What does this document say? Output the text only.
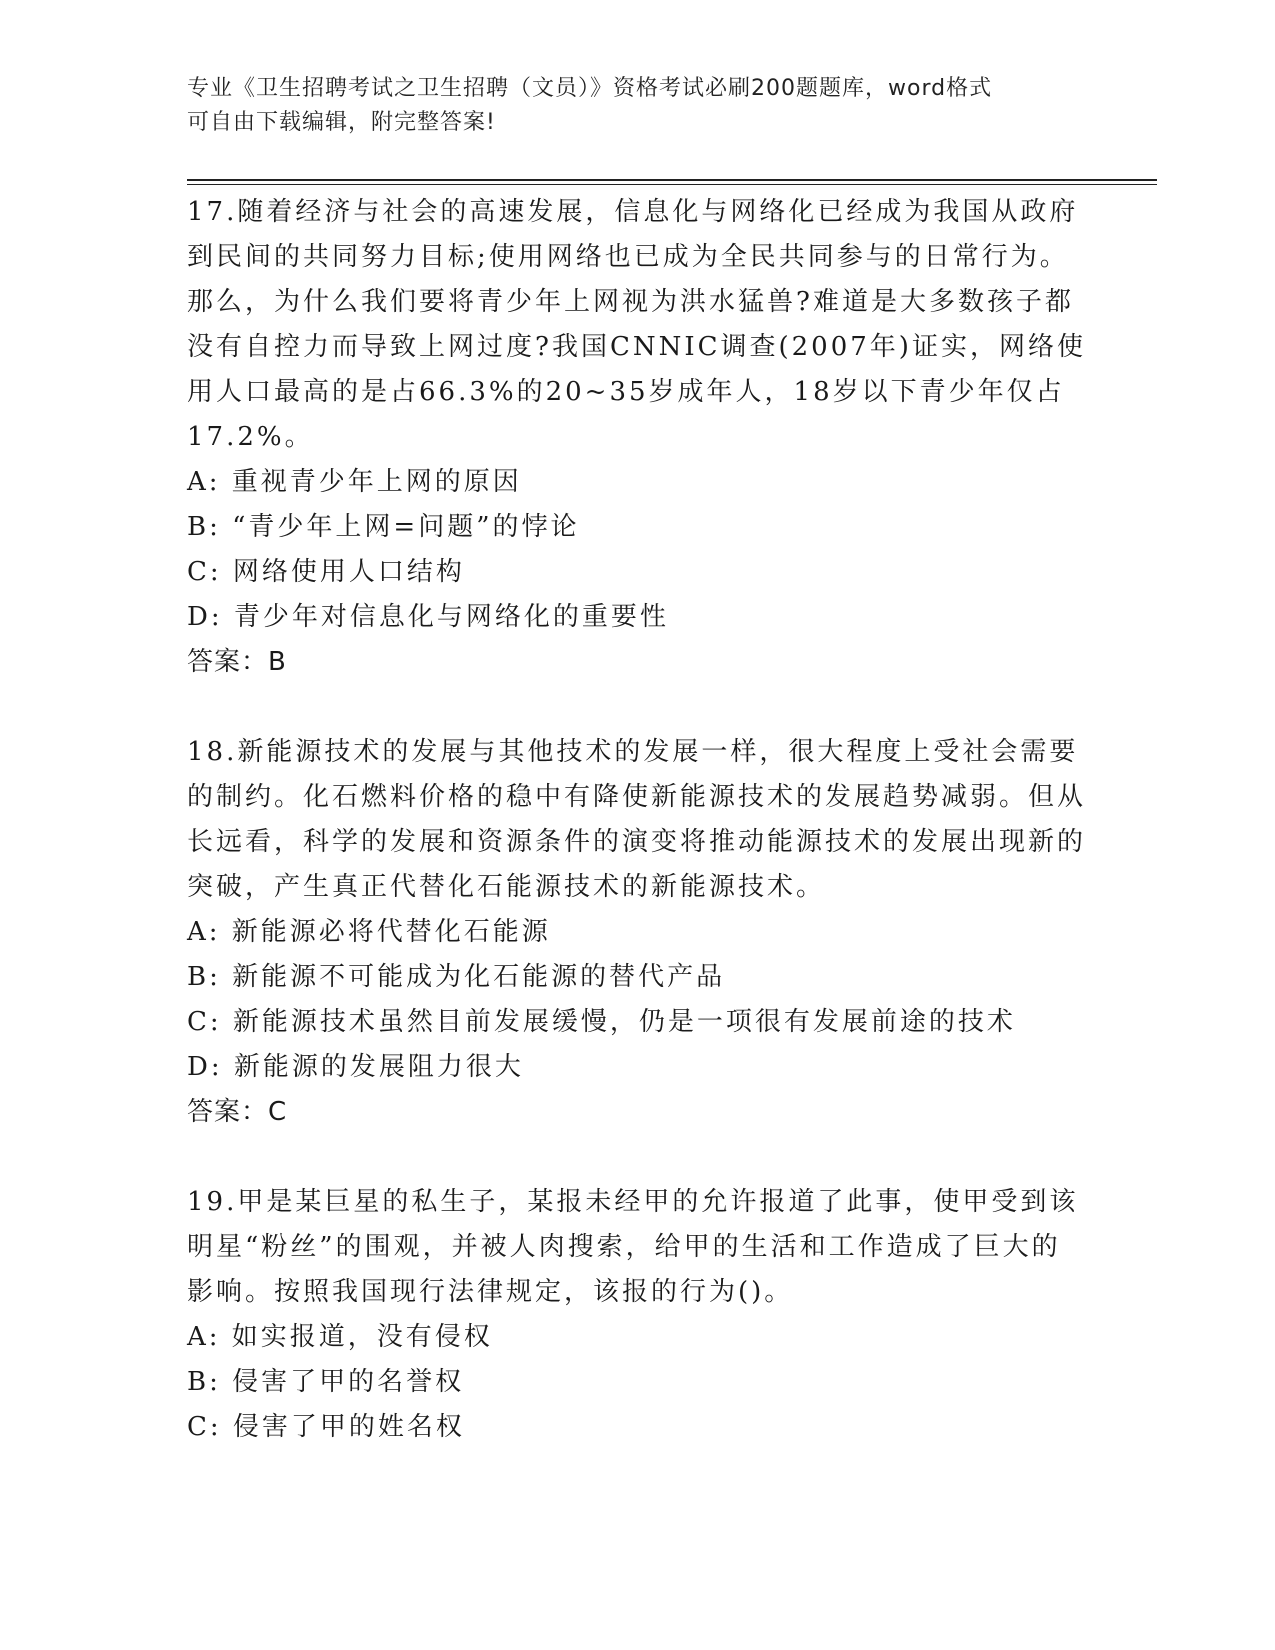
专业《卫生招聘考试之卫生招聘（文员）》资格考试必刷200题题库，word格式
可自由下载编辑，附完整答案!

17.随着经济与社会的高速发展，信息化与网络化已经成为我国从政府到民间的共同努力目标;使用网络也已成为全民共同参与的日常行为。那么，为什么我们要将青少年上网视为洪水猛兽?难道是大多数孩子都没有自控力而导致上网过度?我国CNNIC调查(2007年)证实，网络使用人口最高的是占66.3%的20~35岁成年人，18岁以下青少年仅占17.2%。

A: 重视青少年上网的原因

B: “青少年上网=问题”的悖论

C: 网络使用人口结构

D: 青少年对信息化与网络化的重要性

答案：B

18.新能源技术的发展与其他技术的发展一样，很大程度上受社会需要的制约。化石燃料价格的稳中有降使新能源技术的发展趋势减弱。但从长远看，科学的发展和资源条件的演变将推动能源技术的发展出现新的突破，产生真正代替化石能源技术的新能源技术。

A: 新能源必将代替化石能源

B: 新能源不可能成为化石能源的替代产品

C: 新能源技术虽然目前发展缓慢，仍是一项很有发展前途的技术

D: 新能源的发展阻力很大

答案：C

19.甲是某巨星的私生子，某报未经甲的允许报道了此事，使甲受到该明星“粉丝”的围观，并被人肉搜索，给甲的生活和工作造成了巨大的影响。按照我国现行法律规定，该报的行为()。

A: 如实报道，没有侵权

B: 侵害了甲的名誉权

C: 侵害了甲的姓名权
